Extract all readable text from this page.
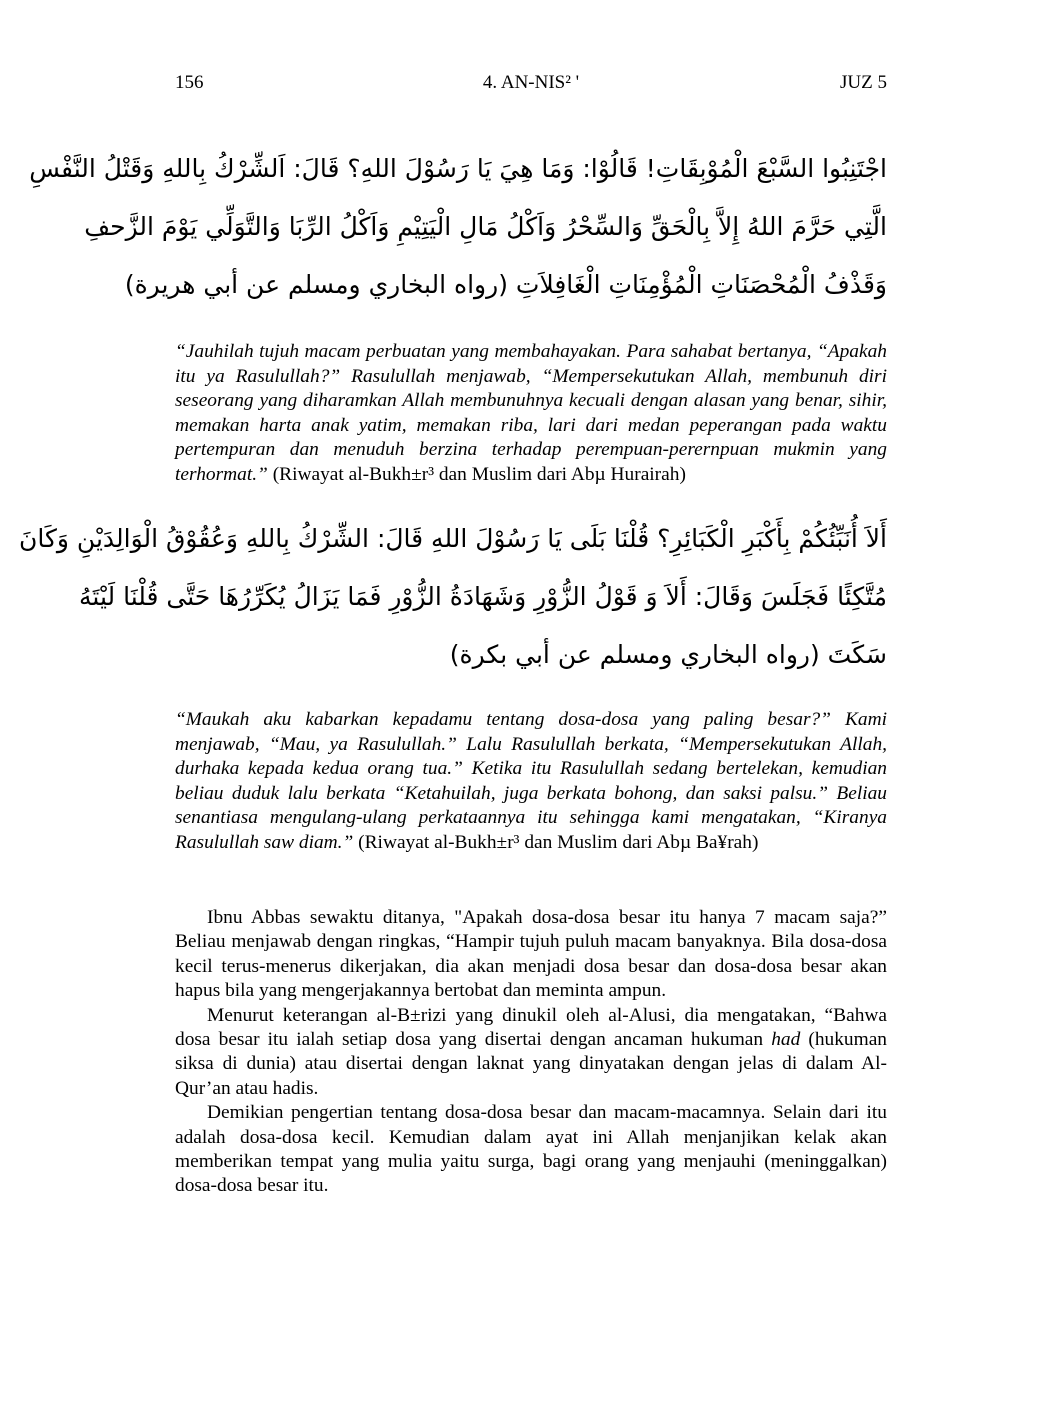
156	4. AN-NIS² '	JUZ 5
اجْتَنِبُوا السَّبْعَ الْمُوْبِقَاتِ! قَالُوْا: وَمَا هِيَ يَا رَسُوْلَ اللهِ؟ قَالَ: اَلشِّرْكُ بِاللهِ وَقَتْلُ النَّفْسِ
الَّتِي حَرَّمَ اللهُ إِلاَّ بِالْحَقِّ وَالسِّحْرُ وَاَكْلُ مَالِ الْيَتِيْمِ وَاَكْلُ الرِّبَا وَالتَّوَلِّي يَوْمَ الزَّحفِ
وَقَذْفُ الْمُحْصَنَاتِ الْمُؤْمِنَاتِ الْغَافِلاَتِ (رواه البخاري ومسلم عن أبي هريرة)
“Jauhilah tujuh macam perbuatan yang membahayakan. Para sahabat bertanya, “Apakah itu ya Rasulullah?” Rasulullah menjawab, “Mempersekutukan Allah, membunuh diri seseorang yang diharamkan Allah membunuhnya kecuali dengan alasan yang benar, sihir, memakan harta anak yatim, memakan riba, lari dari medan peperangan pada waktu pertempuran dan menuduh berzina terhadap perempuan-perernpuan mukmin yang terhormat.” (Riwayat al-Bukh±r³ dan Muslim dari Abµ Hurairah)
أَلاَ أُنَبِّئُكُمْ بِأَكْبَرِ الْكَبَائِرِ؟ قُلْنَا بَلَى يَا رَسُوْلَ اللهِ قَالَ: الشِّرْكُ بِاللهِ وَعُقُوْقُ الْوَالِدَيْنِ وَكَانَ
مُتَّكِئًا فَجَلَسَ وَقَالَ: أَلاَ وَ قَوْلُ الزُّوْرِ وَشَهَادَةُ الزُّوْرِ فَمَا يَزَالُ يُكَرِّرُهَا حَتَّى قُلْنَا لَيْتَهُ
سَكَتَ (رواه البخاري ومسلم عن أبي بكرة)
“Maukah aku kabarkan kepadamu tentang dosa-dosa yang paling besar?” Kami menjawab, “Mau, ya Rasulullah.” Lalu Rasulullah berkata, “Mempersekutukan Allah, durhaka kepada kedua orang tua.” Ketika itu Rasulullah sedang bertelekan, kemudian beliau duduk lalu berkata “Ketahuilah, juga berkata bohong, dan saksi palsu.” Beliau senantiasa mengulang-ulang perkataannya itu sehingga kami mengatakan, “Kiranya Rasulullah saw diam.” (Riwayat al-Bukh±r³ dan Muslim dari Abµ Ba¥rah)

Ibnu Abbas sewaktu ditanya, "Apakah dosa-dosa besar itu hanya 7 macam saja?” Beliau menjawab dengan ringkas, “Hampir tujuh puluh macam banyaknya. Bila dosa-dosa kecil terus-menerus dikerjakan, dia akan menjadi dosa besar dan dosa-dosa besar akan hapus bila yang mengerjakannya bertobat dan meminta ampun.

Menurut keterangan al-B±rizi yang dinukil oleh al-Alusi, dia mengatakan, “Bahwa dosa besar itu ialah setiap dosa yang disertai dengan ancaman hukuman had (hukuman siksa di dunia) atau disertai dengan laknat yang dinyatakan dengan jelas di dalam Al-Qur’an atau hadis.

Demikian pengertian tentang dosa-dosa besar dan macam-macamnya. Selain dari itu adalah dosa-dosa kecil. Kemudian dalam ayat ini Allah menjanjikan kelak akan memberikan tempat yang mulia yaitu surga, bagi orang yang menjauhi (meninggalkan) dosa-dosa besar itu.
